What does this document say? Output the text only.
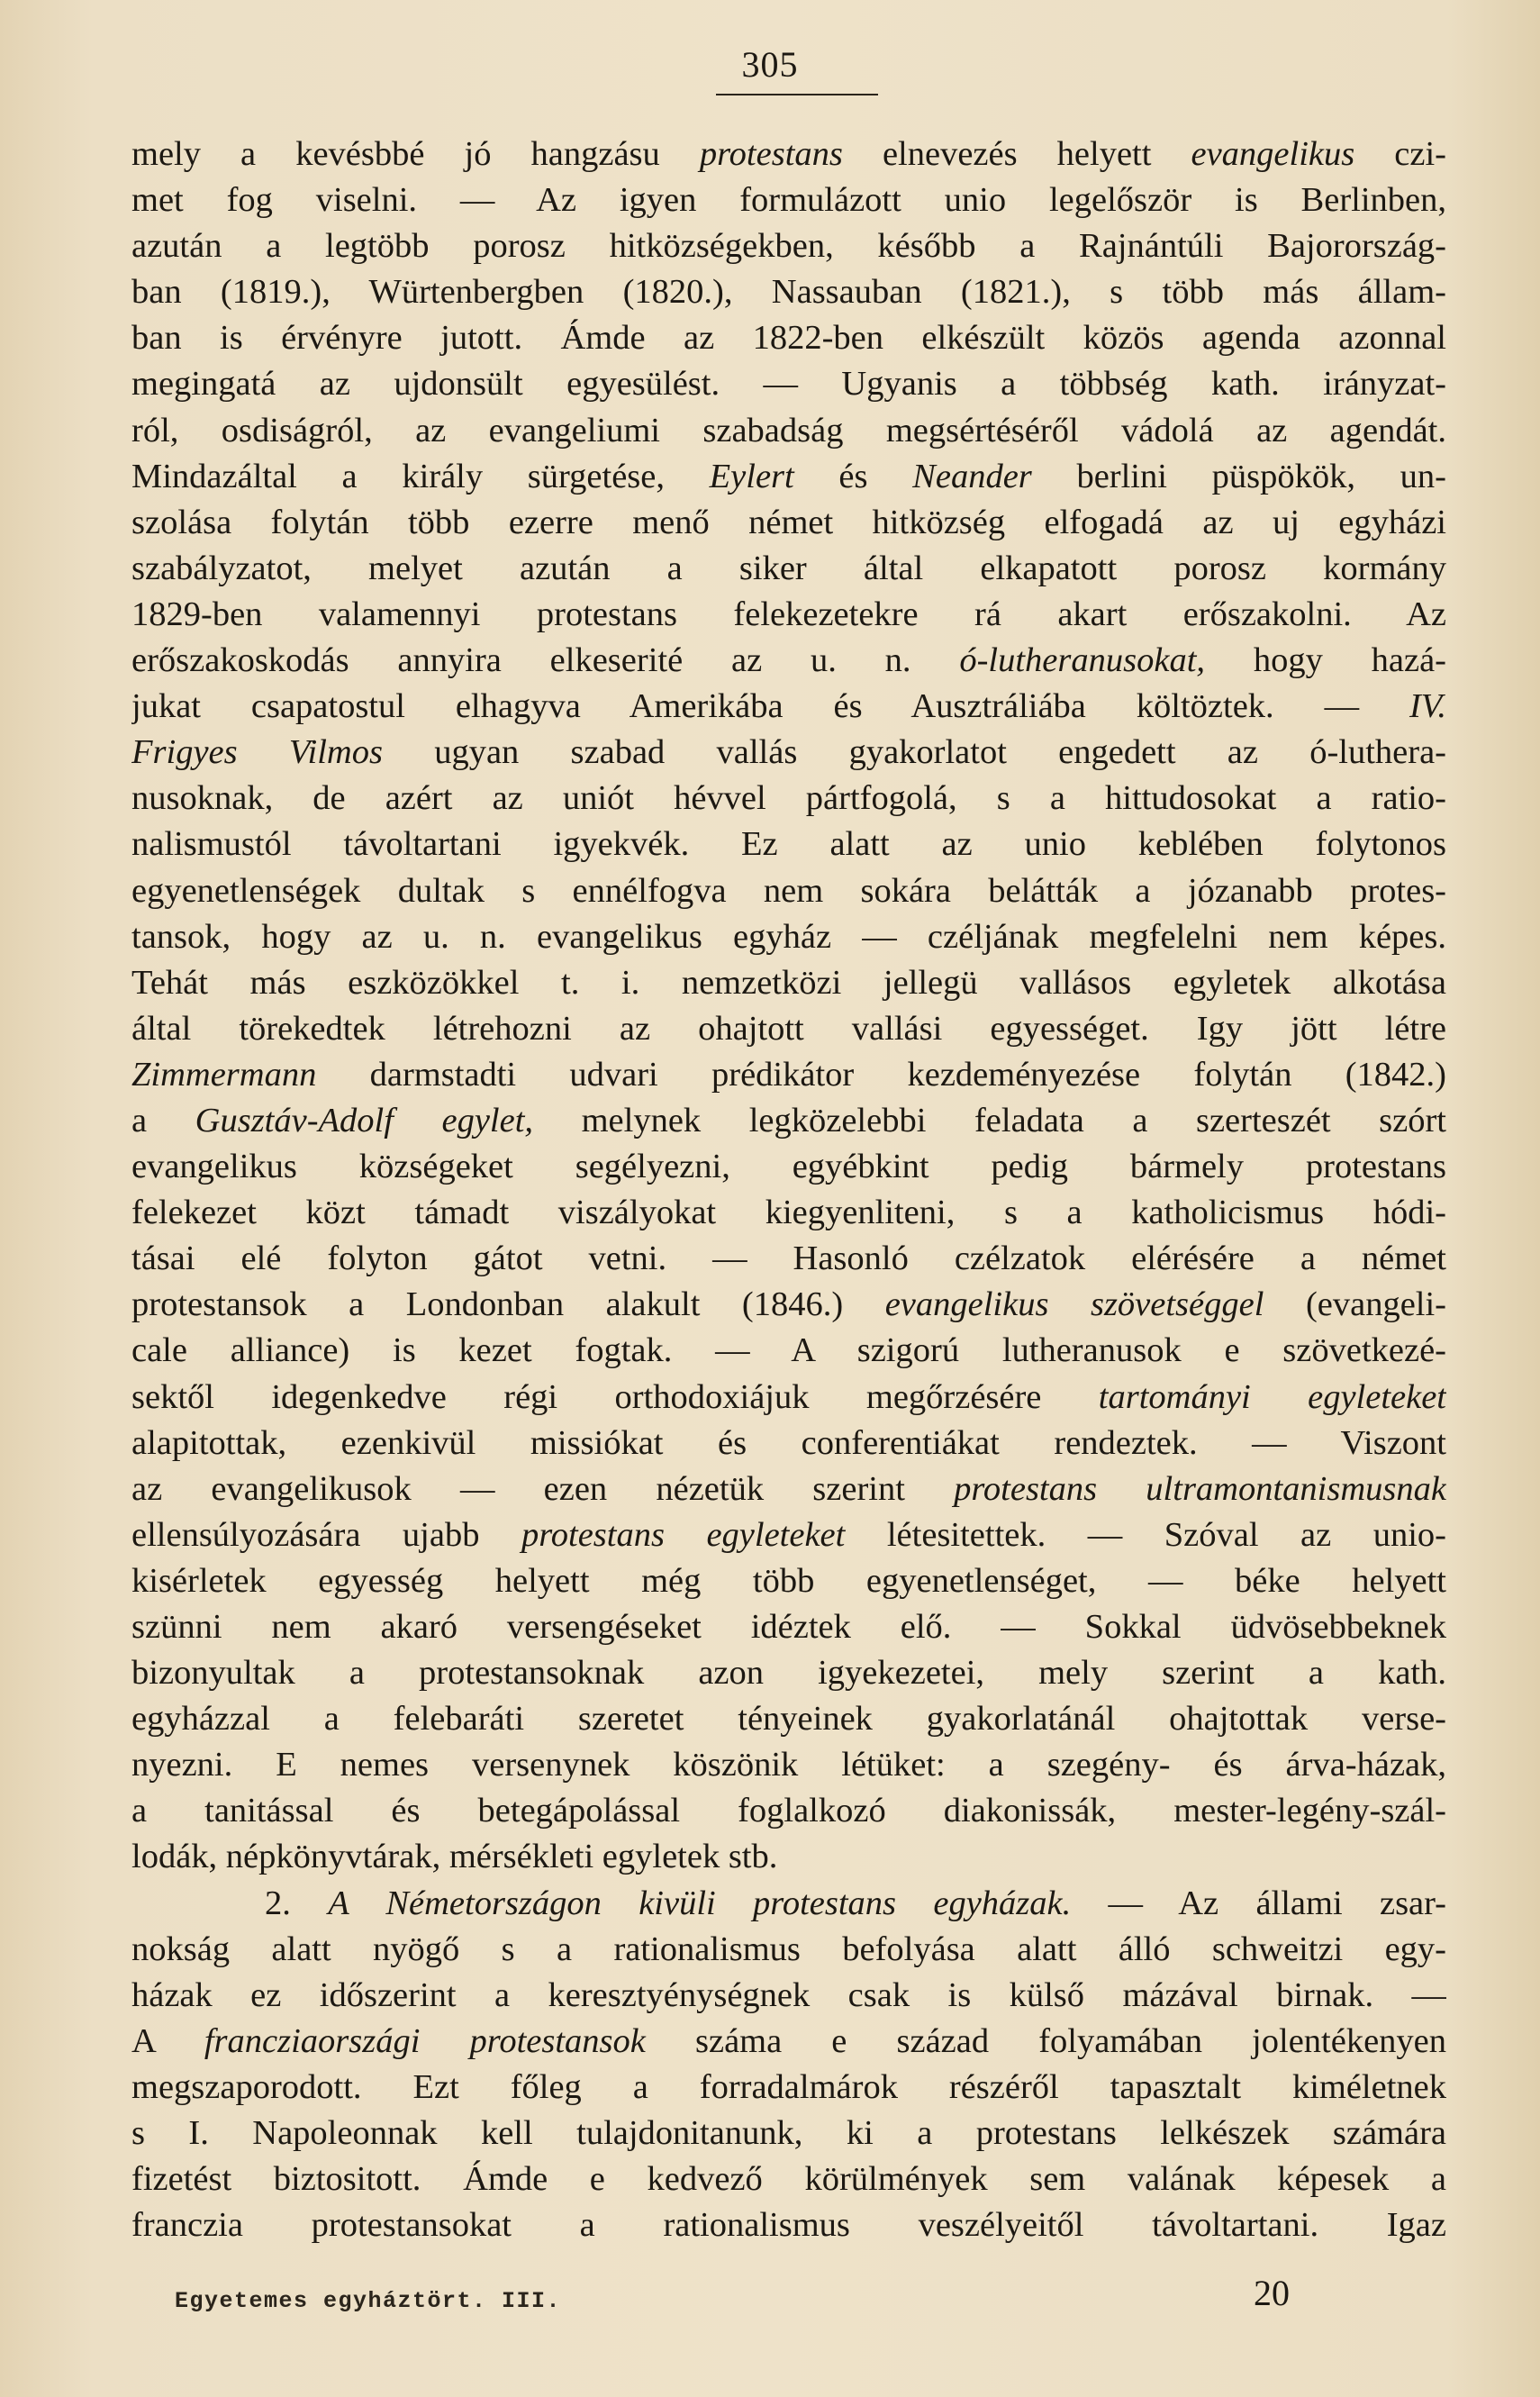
305
mely a kevésbbé jó hangzásu protestans elnevezés helyett evangelikus czi-
met fog viselni. — Az igyen formulázott unio legelőször is Berlinben,
azután a legtöbb porosz hitközségekben, később a Rajnántúli Bajorország-
ban (1819.), Würtenbergben (1820.), Nassauban (1821.), s több más állam-
ban is érvényre jutott. Ámde az 1822-ben elkészült közös agenda azonnal
megingatá az ujdonsült egyesülést. — Ugyanis a többség kath. irányzat-
ról, osdiságról, az evangeliumi szabadság megsértéséről vádolá az agendát.
Mindazáltal a király sürgetése, Eylert és Neander berlini püspökök, un-
szolása folytán több ezerre menő német hitközség elfogadá az uj egyházi
szabályzatot, melyet azután a siker által elkapatott porosz kormány
1829-ben valamennyi protestans felekezetekre rá akart erőszakolni. Az
erőszakoskodás annyira elkeserité az u. n. ó-lutheranusokat, hogy hazá-
jukat csapatostul elhagyva Amerikába és Ausztráliába költöztek. — IV.
Frigyes Vilmos ugyan szabad vallás gyakorlatot engedett az ó-luthera-
nusoknak, de azért az uniót hévvel pártfogolá, s a hittudosokat a ratio-
nalismustól távoltartani igyekvék. Ez alatt az unio keblében folytonos
egyenetlenségek dultak s ennélfogva nem sokára belátták a józanabb protes-
tansok, hogy az u. n. evangelikus egyház — czéljának megfelelni nem képes.
Tehát más eszközökkel t. i. nemzetközi jellegü vallásos egyletek alkotása
által törekedtek létrehozni az ohajtott vallási egyességet. Igy jött létre
Zimmermann darmstadti udvari prédikátor kezdeményezése folytán (1842.)
a Gusztáv-Adolf egylet, melynek legközelebbi feladata a szerteszét szórt
evangelikus községeket segélyezni, egyébkint pedig bármely protestans
felekezet közt támadt viszályokat kiegyenliteni, s a katholicismus hódi-
tásai elé folyton gátot vetni. — Hasonló czélzatok elérésére a német
protestansok a Londonban alakult (1846.) evangelikus szövetséggel (evangeli-
cale alliance) is kezet fogtak. — A szigorú lutheranusok e szövetkezé-
sektől idegenkedve régi orthodoxiájuk megőrzésére tartományi egyleteket
alapitottak, ezenkivül missiókat és conferentiákat rendeztek. — Viszont
az evangelikusok — ezen nézetük szerint protestans ultramontanismusnak
ellensúlyozására ujabb protestans egyleteket létesitettek. — Szóval az unio-
kisérletek egyesség helyett még több egyenetlenséget, — béke helyett
szünni nem akaró versengéseket idéztek elő. — Sokkal üdvösebbeknek
bizonyultak a protestansoknak azon igyekezetei, mely szerint a kath.
egyházzal a felebaráti szeretet tényeinek gyakorlatánál ohajtottak verse-
nyezni. E nemes versenynek köszönik létüket: a szegény- és árva-házak,
a tanitással és betegápolással foglalkozó diakonissák, mester-legény-szál-
lodák, népkönyvtárak, mérsékleti egyletek stb.
2. A Németországon kivüli protestans egyházak. — Az állami zsar-
nokság alatt nyögő s a rationalismus befolyása alatt álló schweitzi egy-
házak ez időszerint a keresztyénységnek csak is külső mázával birnak. —
A francziaországi protestansok száma e század folyamában jolentékenyen
megszaporodott. Ezt főleg a forradalmárok részéről tapasztalt kiméletnek
s I. Napoleonnak kell tulajdonitanunk, ki a protestans lelkészek számára
fizetést biztositott. Ámde e kedvező körülmények sem valának képesek a
franczia protestansokat a rationalismus veszélyeitől távoltartani. Igaz
Egyetemes egyháztört. III.	20
